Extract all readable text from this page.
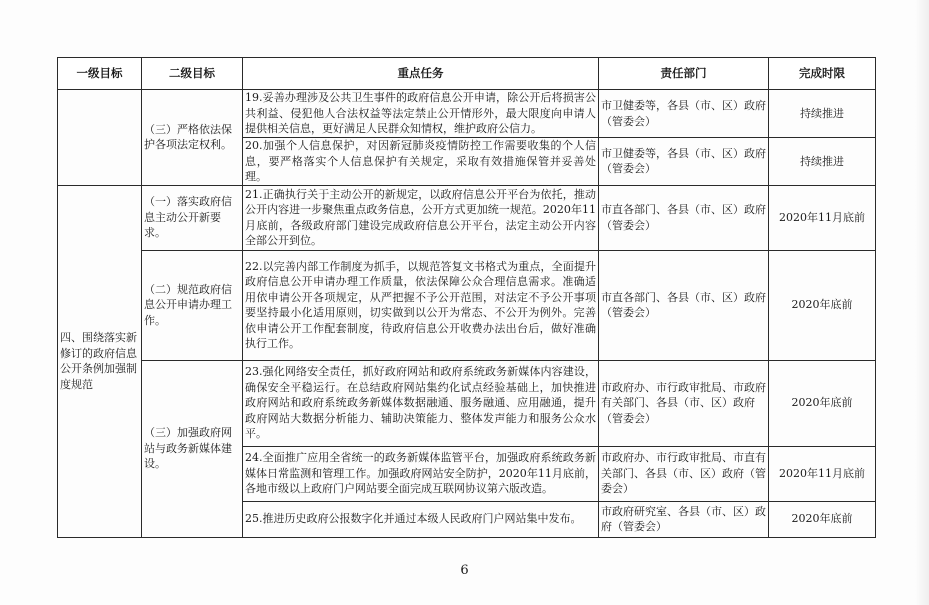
一级目标	二级目标	重点任务	责任部门	完成时限
	（三）严格依法保护各项法定权利。	19.妥善办理涉及公共卫生事件的政府信息公开申请，除公开后将损害公共利益、侵犯他人合法权益等法定禁止公开情形外，最大限度向申请人提供相关信息，更好满足人民群众知情权，维护政府公信力。	市卫健委等，各县（市、区）政府（管委会）	持续推进
		20.加强个人信息保护，对因新冠肺炎疫情防控工作需要收集的个人信息，要严格落实个人信息保护有关规定，采取有效措施保管并妥善处理。	市卫健委等，各县（市、区）政府（管委会）	持续推进
四、围绕落实新修订的政府信息公开条例加强制度规范	（一）落实政府信息主动公开新要求。	21.正确执行关于主动公开的新规定，以政府信息公开平台为依托，推动公开内容进一步聚焦重点政务信息，公开方式更加统一规范。2020年11月底前，各级政府部门建设完成政府信息公开平台，法定主动公开内容全部公开到位。	市直各部门、各县（市、区）政府（管委会）	2020年11月底前
	（二）规范政府信息公开申请办理工作。	22.以完善内部工作制度为抓手，以规范答复文书格式为重点，全面提升政府信息公开申请办理工作质量，依法保障公众合理信息需求。准确适用依申请公开各项规定，从严把握不予公开范围，对法定不予公开事项要坚持最小化适用原则，切实做到以公开为常态、不公开为例外。完善依申请公开工作配套制度，待政府信息公开收费办法出台后，做好准确执行工作。	市直各部门、各县（市、区）政府（管委会）	2020年底前
	（三）加强政府网站与政务新媒体建设。	23.强化网络安全责任，抓好政府网站和政府系统政务新媒体内容建设，确保安全平稳运行。在总结政府网站集约化试点经验基础上，加快推进政府网站和政府系统政务新媒体数据融通、服务融通、应用融通，提升政府网站大数据分析能力、辅助决策能力、整体发声能力和服务公众水平。	市政府办、市行政审批局、市政府有关部门、各县（市、区）政府（管委会）	2020年底前
		24.全面推广应用全省统一的政务新媒体监管平台，加强政府系统政务新媒体日常监测和管理工作。加强政府网站安全防护，2020年11月底前，各地市级以上政府门户网站要全面完成互联网协议第六版改造。	市政府办、市行政审批局、市直有关部门、各县（市、区）政府（管委会）	2020年11月底前
		25.推进历史政府公报数字化并通过本级人民政府门户网站集中发布。	市政府研究室、各县（市、区）政府（管委会）	2020年底前
6
